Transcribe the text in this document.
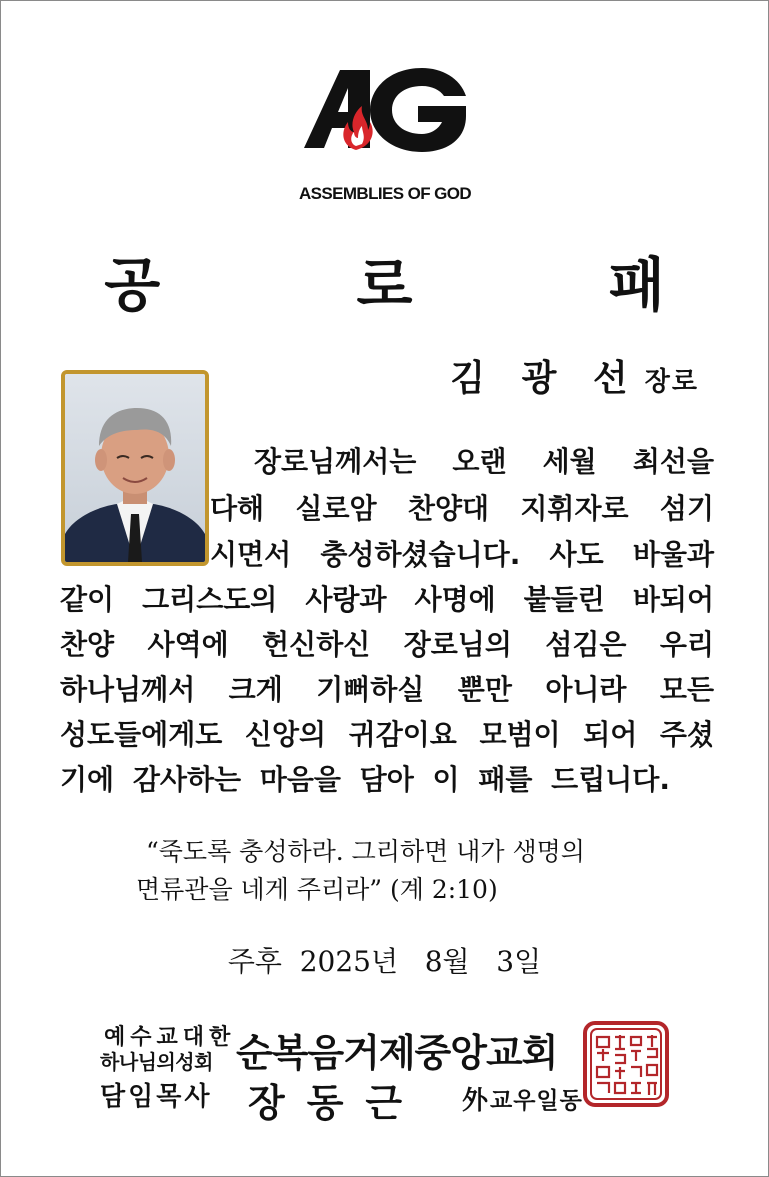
ASSEMBLIES OF GOD
공 로 패
김 광 선 장로
장로님께서는 오랜 세월 최선을
다해 실로암 찬양대 지휘자로 섬기
시면서 충성하셨습니다. 사도 바울과
같이 그리스도의 사랑과 사명에 붙들린 바되어
찬양 사역에 헌신하신 장로님의 섬김은 우리
하나님께서 크게 기뻐하실 뿐만 아니라 모든
성도들에게도 신앙의 귀감이요 모범이 되어 주셨
기에 감사하는 마음을 담아 이 패를 드립니다.
“죽도록 충성하라. 그리하면 내가 생명의
면류관을 네게 주리라” (계 2:10)
주후  2025년   8월   3일
예수교대한
하나님의성회 순복음거제중앙교회
담임목사 장동근 外 교우일동
